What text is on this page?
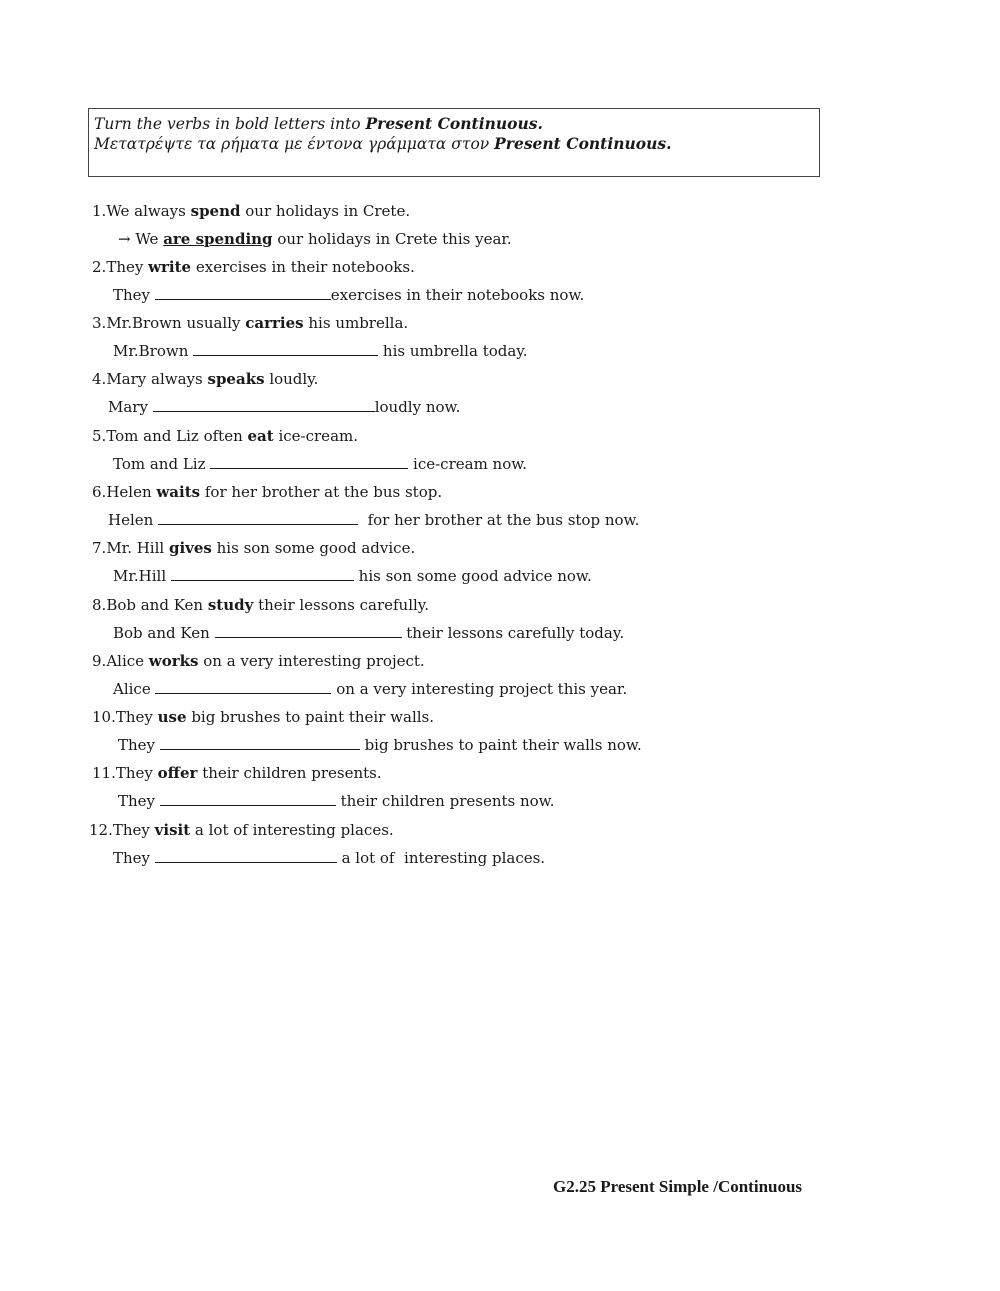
Turn the verbs in bold letters into Present Continuous.
Μετατρέψτε τα ρήματα με έντονα γράμματα στον Present Continuous.
1.We always spend our holidays in Crete.
→ We are spending our holidays in Crete this year.
2.They write exercises in their notebooks.
They	exercises in their notebooks now.
3.Mr.Brown usually carries his umbrella.
Mr.Brown	his umbrella today.
4.Mary always speaks loudly.
Mary	loudly now.
5.Tom and Liz often eat ice-cream.
Tom and Liz	ice-cream now.
6.Helen waits for her brother at the bus stop.
Helen	for her brother at the bus stop now.
7.Mr. Hill gives his son some good advice.
Mr.Hill	his son some good advice now.
8.Bob and Ken study their lessons carefully.
Bob and Ken	their lessons carefully today.
9.Alice works on a very interesting project.
Alice	on a very interesting project this year.
10.They use big brushes to paint their walls.
They	big brushes to paint their walls now.
11.They offer their children presents.
They	their children presents now.
12.They visit a lot of interesting places.
They	a lot of  interesting places.
G2.25 Present Simple /Continuous
